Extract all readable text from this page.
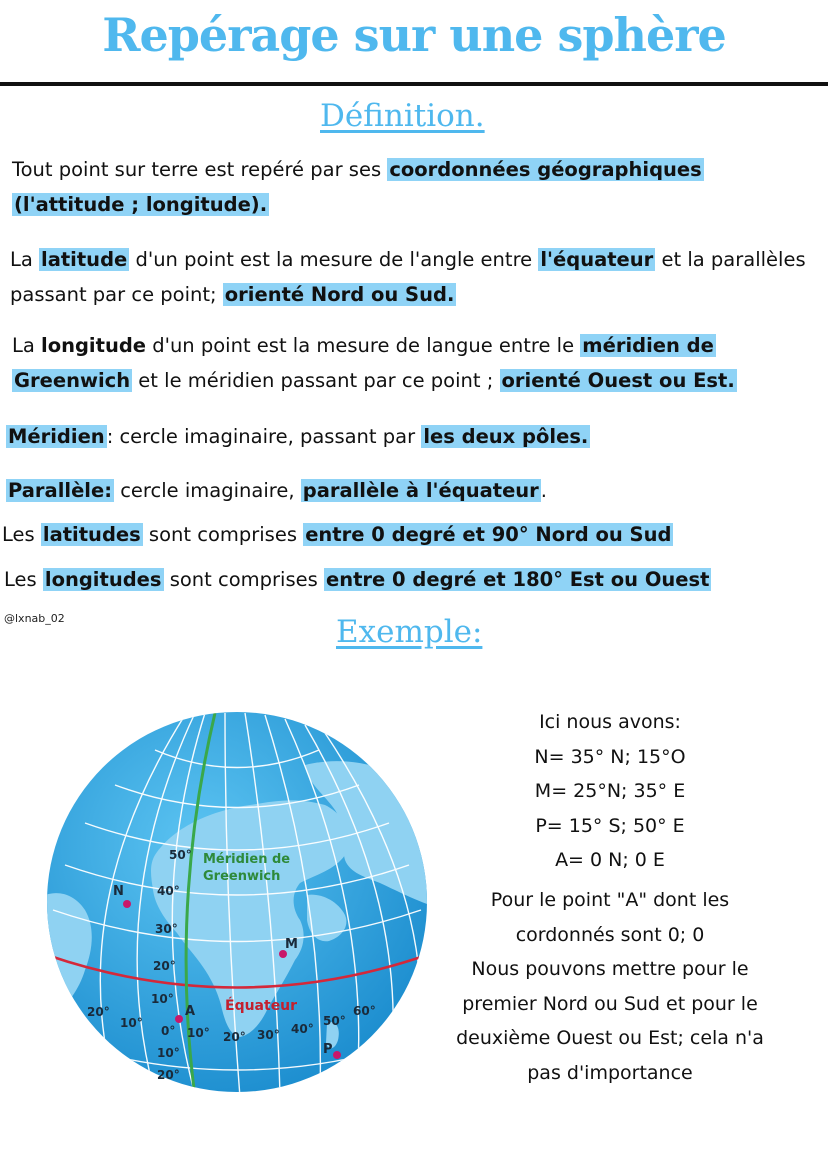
Repérage sur une sphère
Définition.
Tout point sur terre est repéré par ses coordonnées géographiques
(l'attitude ; longitude).
La latitude d'un point est la mesure de l'angle entre l'équateur et la parallèles
passant par ce point; orienté Nord ou Sud.
La longitude d'un point est la mesure de langue entre le méridien de
Greenwich et le méridien passant par ce point ; orienté Ouest ou Est.
Méridien : cercle imaginaire, passant par les deux pôles.
Parallèle: cercle imaginaire, parallèle à l'équateur .
Les latitudes sont comprises entre 0 degré et 90° Nord ou Sud
Les longitudes sont comprises entre 0 degré et 180° Est ou Ouest
@lxnab_02	Exemple:
50°
40°
30°
20°
10°
0°
10°
20°
20°
10°
10° 20° 30° 40°
50°
60°
Méridien de
Greenwich
Équateur
N
M
A
P
Ici nous avons:
N= 35° N; 15°O
M= 25°N; 35° E
P= 15° S; 50° E
A= 0 N; 0 E
Pour le point "A" dont les
cordonnés sont 0; 0
Nous pouvons mettre pour le
premier Nord ou Sud et pour le
deuxième Ouest ou Est; cela n'a
pas d'importance
